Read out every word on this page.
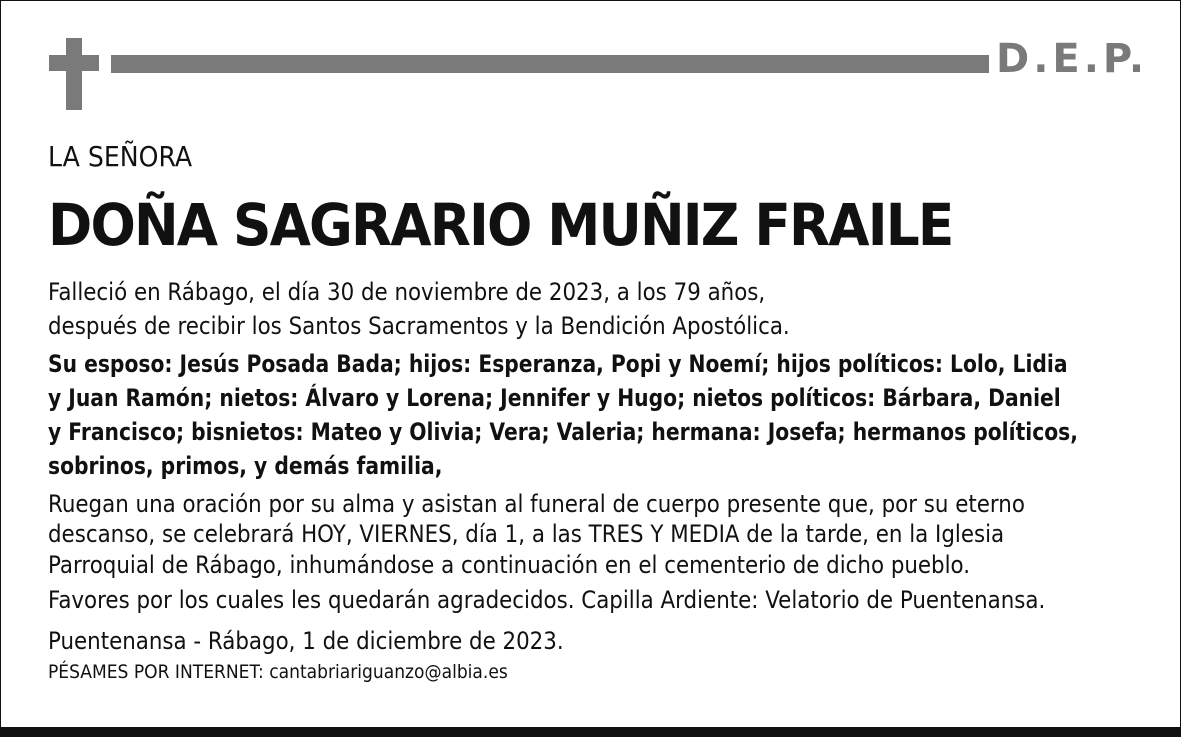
D.E.P.

LA SEÑORA

DOÑA SAGRARIO MUÑIZ FRAILE

Falleció en Rábago, el día 30 de noviembre de 2023, a los 79 años,

después de recibir los Santos Sacramentos y la Bendición Apostólica.

Su esposo: Jesús Posada Bada; hijos: Esperanza, Popi y Noemí; hijos políticos: Lolo, Lidia

y Juan Ramón; nietos: Álvaro y Lorena; Jennifer y Hugo; nietos políticos: Bárbara, Daniel

y Francisco; bisnietos: Mateo y Olivia; Vera; Valeria; hermana: Josefa; hermanos políticos,

sobrinos, primos, y demás familia,

Ruegan una oración por su alma y asistan al funeral de cuerpo presente que, por su eterno

descanso, se celebrará HOY, VIERNES, día 1, a las TRES Y MEDIA de la tarde, en la Iglesia

Parroquial de Rábago, inhumándose a continuación en el cementerio de dicho pueblo.

Favores por los cuales les quedarán agradecidos. Capilla Ardiente: Velatorio de Puentenansa.

Puentenansa - Rábago, 1 de diciembre de 2023.

PÉSAMES POR INTERNET: cantabriariguanzo@albia.es
